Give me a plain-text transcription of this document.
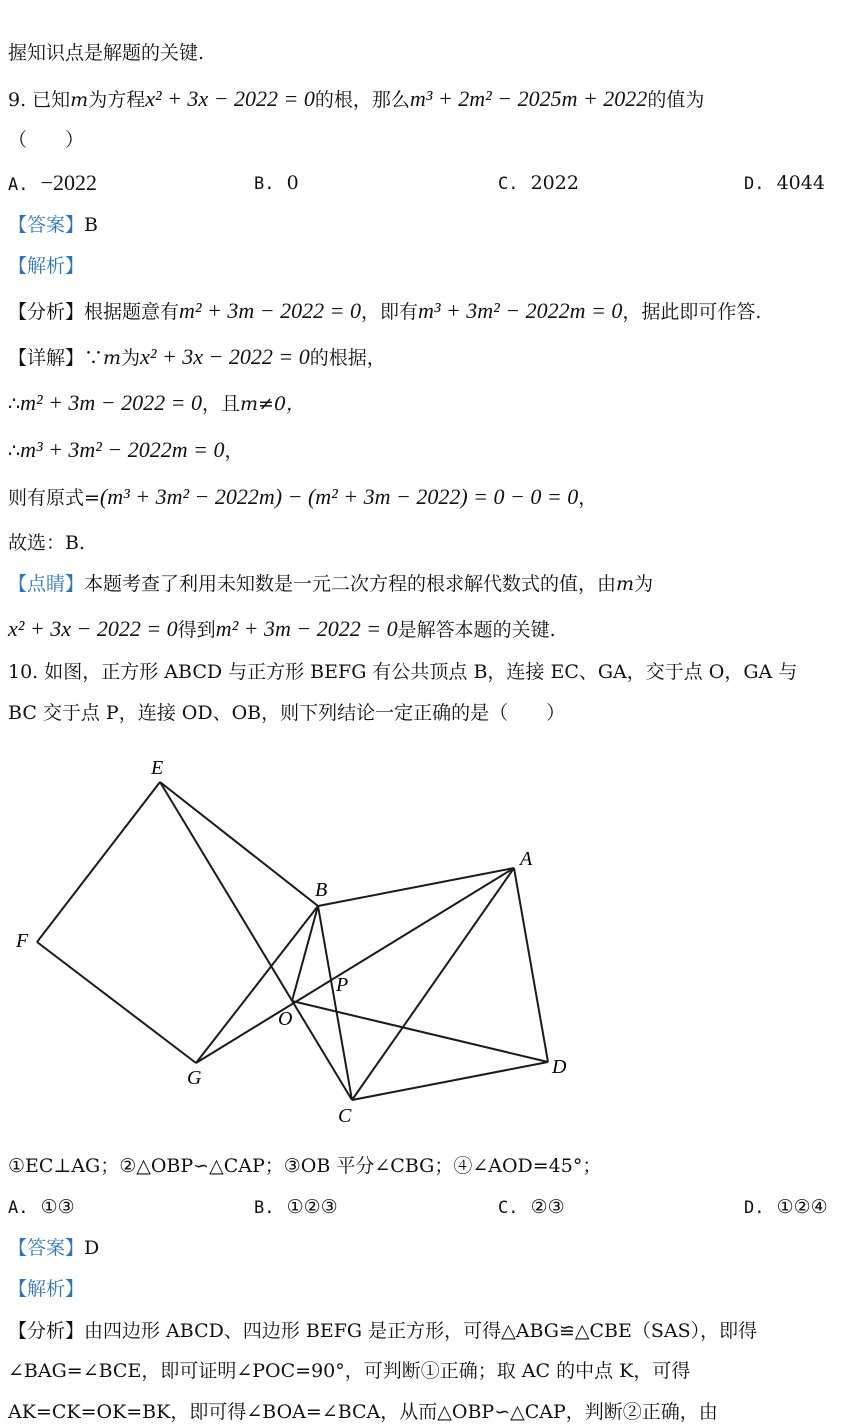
握知识点是解题的关键.
9. 已知m为方程x² + 3x − 2022 = 0的根，那么m³ + 2m² − 2025m + 2022的值为
（　　）
A. −2022	B. 0	C. 2022	D. 4044
【答案】B
【解析】
【分析】根据题意有m² + 3m − 2022 = 0，即有m³ + 3m² − 2022m = 0，据此即可作答.
【详解】∵m为x² + 3x − 2022 = 0的根据，
∴m² + 3m − 2022 = 0，且m≠0，
∴m³ + 3m² − 2022m = 0，
则有原式=(m³ + 3m² − 2022m) − (m² + 3m − 2022) = 0 − 0 = 0，
故选：B.
【点睛】本题考查了利用未知数是一元二次方程的根求解代数式的值，由m为
x² + 3x − 2022 = 0得到m² + 3m − 2022 = 0是解答本题的关键.
10. 如图，正方形 ABCD 与正方形 BEFG 有公共顶点 B，连接 EC、GA，交于点 O，GA 与
BC 交于点 P，连接 OD、OB，则下列结论一定正确的是（　　）
E
F
G
B
A
P
O
D
C
①EC⊥AG；②△OBP∽△CAP；③OB 平分∠CBG；④∠AOD=45°；
A. ①③	B. ①②③	C. ②③	D. ①②④
【答案】D
【解析】
【分析】由四边形 ABCD、四边形 BEFG 是正方形，可得△ABG≌△CBE（SAS），即得
∠BAG=∠BCE，即可证明∠POC=90°，可判断①正确；取 AC 的中点 K，可得
AK=CK=OK=BK，即可得∠BOA=∠BCA，从而△OBP∽△CAP，判断②正确，由
